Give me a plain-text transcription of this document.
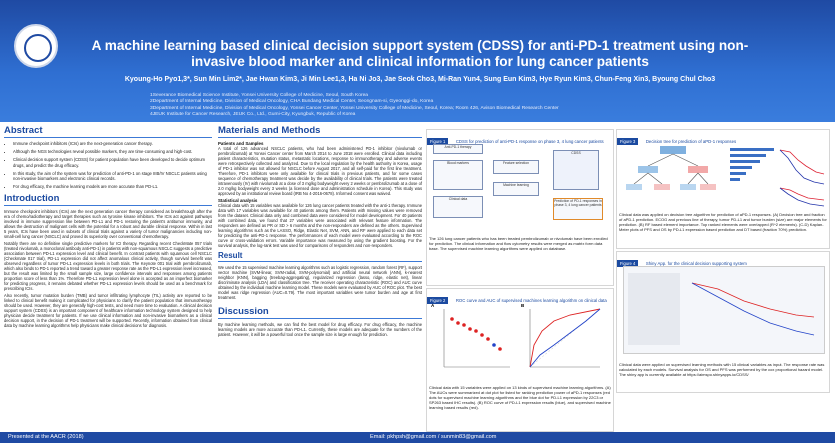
A machine learning based clinical decision support system (CDSS) for anti-PD-1 treatment using non-invasive blood marker and clinical information for lung cancer patients
Kyoung-Ho Pyo1,3*, Sun Min Lim2*, Jae Hwan Kim3, Ji Min Lee1,3, Ha Ni Jo3, Jae Seok Cho3, Mi-Ran Yun4, Sung Eun Kim3, Hye Ryun Kim3, Chun-Feng Xin3, Byoung Chul Cho3
1Severance Biomedical Science Institute, Yonsei University College of Medicine, Seoul, South Korea
2Department of Internal Medicine, Division of Medical Oncology, CHA Bundang Medical Center, Seongnam-si, Gyeonggi-do, Korea
3Department of Internal Medicine, Division of Medical Oncology, Yonsei Cancer Center, Yonsei University College of Medicine, Seoul, Korea; Room 426, Avison Biomedical Research Center
4JEUK Institute for Cancer Research, JEUK Co., Ltd., Gumi-City, Kyungbuk, Republic of Korea
Abstract
• Immune checkpoint inhibitors (ICIs) are the next-generation cancer therapy.
• Although the NGS technologies reveal possible markers, they are time-consuming and high-cost.
• Clinical decision support system (CDSS) for patient population have been developed to decide optimum drugs, and predict the drug efficacy.
• In this study, the aim of the system was for prediction of anti-PD-1 on stage IIIB/IV NSCLC patients using non-invasive biomarkers and electronic clinical records.
• For drug efficacy, the machine learning models are more accurate than PD-L1.
Introduction

Immune checkpoint inhibitors (ICIs) are the next generation cancer therapy considered as breakthrough after the era of chemo/radiotherapy and target therapies such as tyrosine kinase inhibitors. The ICIs act against pathways involved in immune suppression like between PD-L1 and PD-1 restoring the patient's antitumor immunity, and allows the destruction of malignant cells with the potential for a robust and durable clinical response. Within in last 5 years, ICIs have been used in subsets of clinical trials against a variety of tumor malignancies including non-small-cell lung cancer (NSCLC) and proved its superiority over conventional chemotherapy.

Notably there are no definitive single predictive markers for ICI therapy. Regarding recent CheckMate 057 trials (treated nivolumab, a monoclonal antibody anti-PD-1) in patients with non-squamous NSCLC suggests a predictive association between PD-L1 expression level and clinical benefit. In contrast patients with squamous cell NSCLC (Checkmate 017 trial), PD-L1 expression did not affect anomalous clinical activity, though survival benefit was observed regardless of tumor PD-L1 expression levels in both trials. The Keynote 001 trial with pembrolizumab, which also binds to PD-1 reported a trend toward a greater response rate as the PD-L1 expression level increased, but the result was limited by the small sample size, large confidence intervals and responses among patients proportion score of less than 1%. Therefore PD-L1 expression level alone is accepted as an imperfect biomarker for predicting progress, it remains debated whether PD-L1 expression levels should be used as a benchmark for prescribing ICIs.

Also recently, tumor mutation burden (TMB) and tumor infiltrating lymphocyte (TIL) activity are reported to be linked to clinical benefit making it complicated for physicians to clarify the patient population that immunotherapy should be used. However, they are generally high-cost tests, and need more time to evaluation. A clinical decision support system (CDSS) is an important component of healthcare information technology system designed to help physician decide treatment for patients. If we use clinical information and non-invasive biomarkers as a clinical decision support, in the decision of PD-1 treatment will be supported. Recently, information obtained from clinical data by machine learning algorithms help physicians make clinical decisions for diagnosis.

Materials and Methods
Patients and Samples

A total of 126 advanced NSCLC patients, who had been administered PD-1 inhibitor (nivolumab or pembrolizumab) at Yonsei Cancer center from March 2014 to June 2018 were enrolled. Clinical data including patient characteristics, mutation status, metastatic locations, response to immunotherapy and adverse events were retrospectively collected and analyzed. Due to the local regulation by the health authority in Korea, usage of PD-1 inhibitor was not allowed for NSCLC before August 2017, and all self-paid for the first line treatment. Therefore, PD-1 inhibitors were only available for clinical trials in previous patients, and for some cases sequence of chemotherapy treatment was decide by the availability of clinical trials. The patients were treated intravenously (IV) with nivolumab at a dose of 3 mg/kg bodyweight every 2 weeks or pembrolizumab at a dose of 2.0 mg/kg bodyweight every 3 weeks (a licensed dose and administration schedule in Korea). This study was approved by an institutional review board (IRB No 4-2016-0678). Informed consent was waived.

Statistical analysis

Clinical data with 15 variables was available for 126 lung cancer patients treated with the anti-1 therapy. Immune data with 17 variables was available for 40 patients among them. Patients with missing values were removed from the dataset. Clinical data only and combined data were considered for model development. For 40 patients with combined data, we found that 27 variables were associated with relevant feature information. The responders are defined as PR or SD > 6 months and the non-responders are defined as the others. Supervised learning algorithms such as the LASSO, Ridge, Elastic Net, SVM, ANN, and RF were applied to each data set for predicting the anti-PD-1 response. The performances of each model were evaluated according to the ROC curve or cross-validation errors. Variable importance was measured by using the gradient boosting. For the survival analysis, the log-rank test was used for comparisons of responders and non-responders.

Result

We used the 15 supervised machine learning algorithms such as logistic regression, random forest (RF), support vector machine (SVM-linear, SVM-radial, SVM-polynomial) and artificial neural network (ANN), k-nearest neighbor (KNN), bagging (treebag-aggregating), regularized regression (lasso, ridge, elastic net), linear discriminate analysis (LDA) and classification tree. The receiver operating characteristic (ROC) and AUC curve obtained by the individual machine learning model. These models were evaluated by AUC of ROC plot. The best model was ridge regression (AUC=0.79). The most important variables were tumor burden and age at first treatment.

Discussion

By machine learning methods, we can find the best model for drug efficacy. For drug efficacy, the machine learning models are more accurate than PD-L1. Currently, these models are adequate for the numbers of the patient. However, it will be a powerful tool once the sample size is large enough for prediction.

Figure 1 CDSS for prediction of anti-PD-1 response on phase 3, 4 lung cancer patients
Anti-PD-1 therapy
Blood markers
Clinical data
Feature selection
Machine learning
CDSS
Prediction of PD-1 responses in phase 3, 4 lung cancer patients
The 126 lung cancer patients who has been treated pembrolizumab or nivolumab have been enrolled for prediction. The clinical information and flow cytometry results were merged as matrix form data base. The supervised machine learning algorithms were applied on database.
Figure 3 Decision tree for prediction of aPD-1 responses
Clinical data was applied on decision tree algorithm for prediction of aPD-1 responses. (A) Decision tree and fraction of aPD-1 prediction. ECOG and previous line of therapy, tumor PD-L1 and tumor burden (size) are major elements for prediction. (B) RF based element importance. Top ranked elements were overlapped (R^2 elements). (C-D) Kaplan-Meier plots of PFS and OS by PD-L1 expression based prediction and DT based (fraction 70%) prediction.
Figure 2 ROC curve and AUC of supervised machines learning algorithm on clinical data
A	B
Clinical data with 15 variables were applied on 13 kinds of supervised machine learning algorithms. (A) The AUCs were summarized at dot plot for listed for ranking prediction power of aPD-1 responses (red dots for supervised machine learning algorithms and the blue dot for PD-L1 expression by 22C3 or SP263 based IHC results). (B) ROC curve of PD-L1 expression results (blue), and supervised machine learning based results (red).
Figure 4 Shiny App. for the clinical decision supporting system
Clinical data were applied on supervised learning methods with 15 clinical variables as input. The response rate was calculated by each models. Survival analysis for OS and PFS was performed by the cox proportional hazard model. The shiny app is currently available at https://aimspo.shinyapps.io/CDSS/
Presented at the AACR (2018)	Email: pkhpsh@gmail.com / sunmin83@gmail.com
